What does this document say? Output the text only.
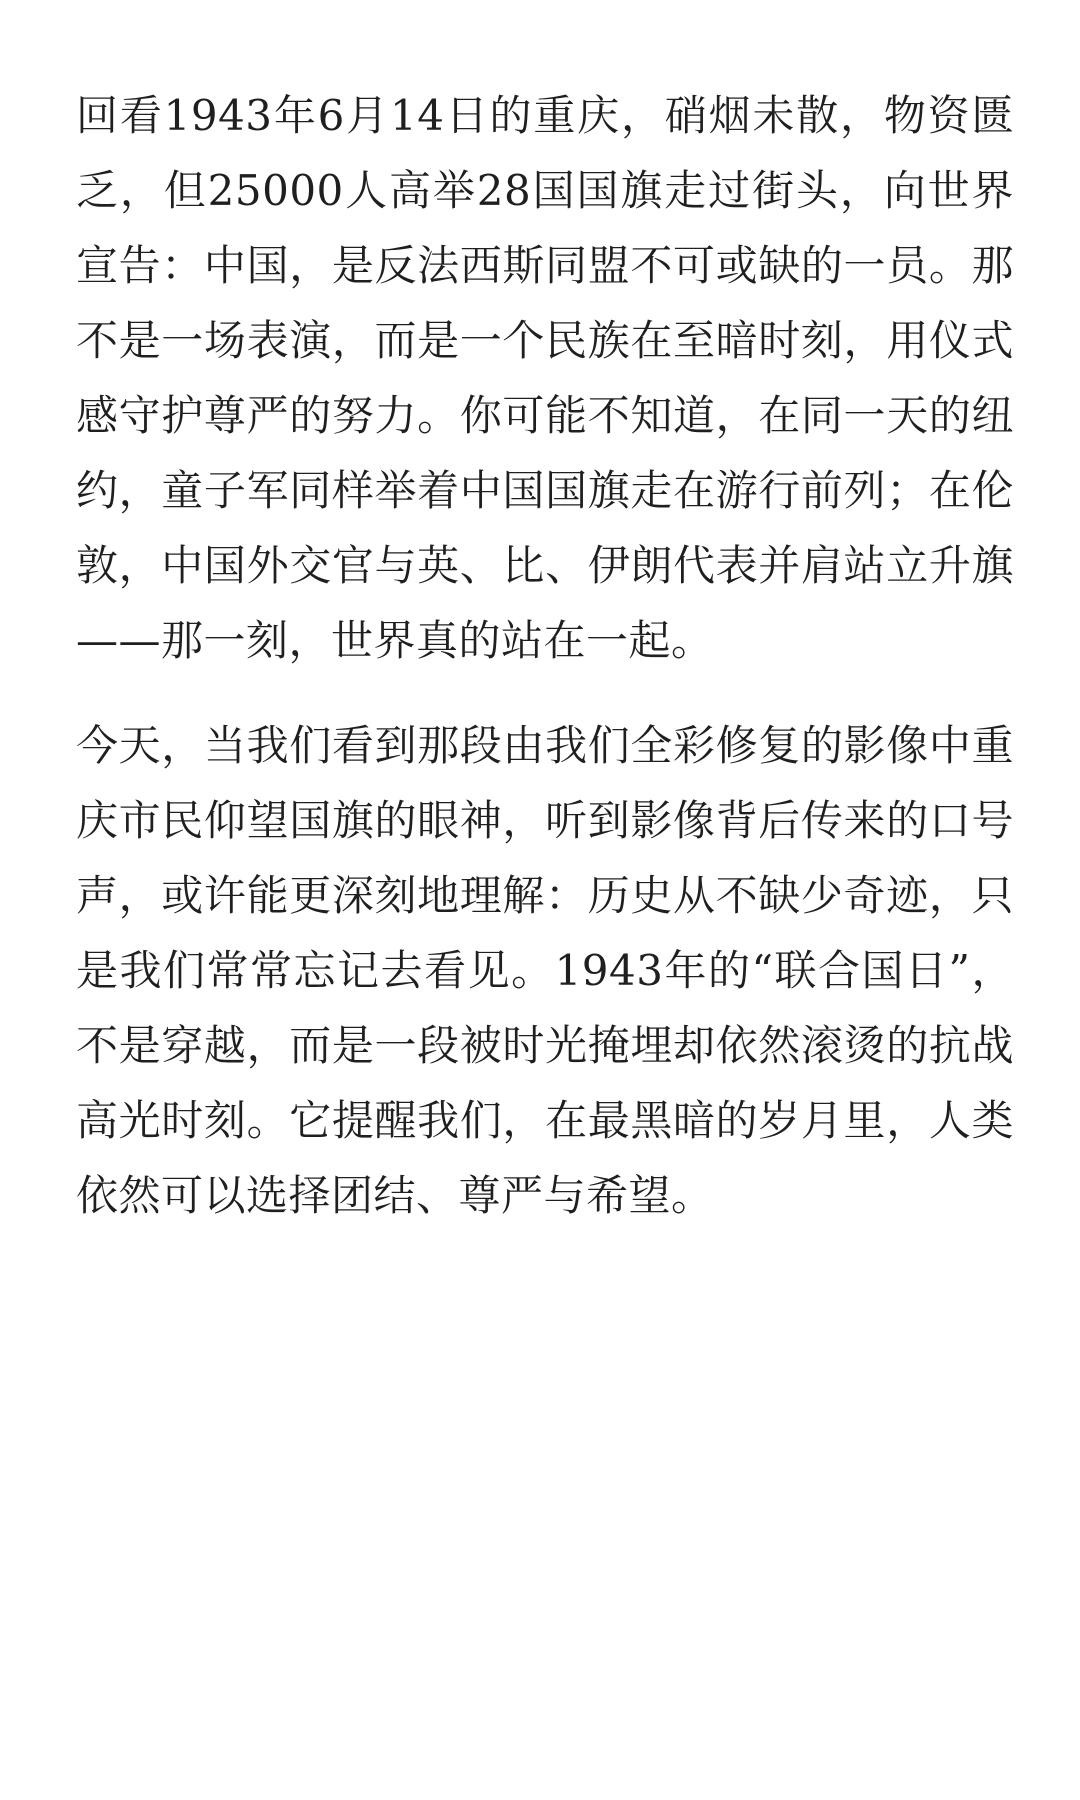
回看1943年6月14日的重庆，硝烟未散，物资匮乏，但25000人高举28国国旗走过街头，向世界宣告：中国，是反法西斯同盟不可或缺的一员。那不是一场表演，而是一个民族在至暗时刻，用仪式感守护尊严的努力。你可能不知道，在同一天的纽约，童子军同样举着中国国旗走在游行前列；在伦敦，中国外交官与英、比、伊朗代表并肩站立升旗——那一刻，世界真的站在一起。

今天，当我们看到那段由我们全彩修复的影像中重庆市民仰望国旗的眼神，听到影像背后传来的口号声，或许能更深刻地理解：历史从不缺少奇迹，只是我们常常忘记去看见。1943年的“联合国日”，不是穿越，而是一段被时光掩埋却依然滚烫的抗战高光时刻。它提醒我们，在最黑暗的岁月里，人类依然可以选择团结、尊严与希望。
